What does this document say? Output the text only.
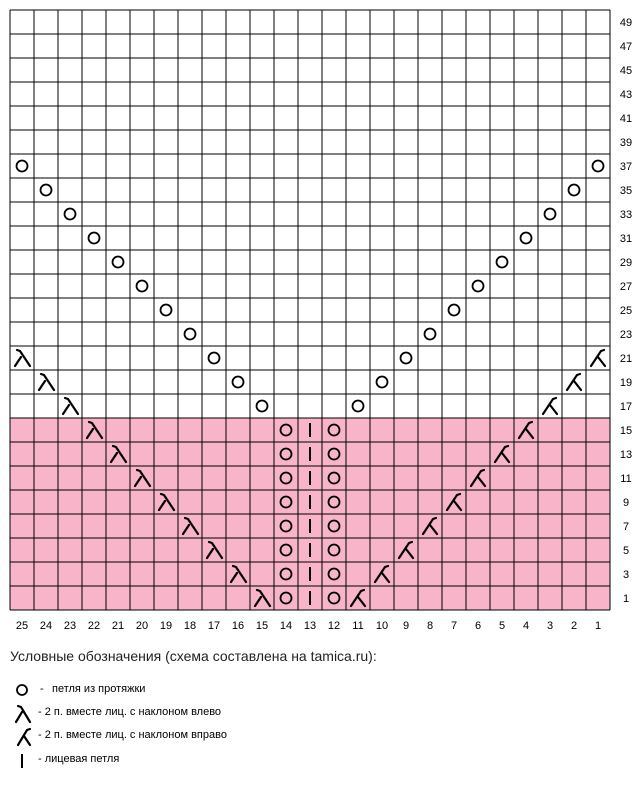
49
47
45
43
41
39
37
35
33
31
29
27
25
23
21
19
17
15
13
11
9
7
5
3
1
25 24 23 22 21 20 19 18 17 16 15 14 13 12 11 10 9 8 7 6 5 4 3 2 1
Условные обозначения (схема составлена на tamica.ru):
- петля из протяжки
- 2 п. вместе лиц. с наклоном влево
- 2 п. вместе лиц. с наклоном вправо
- лицевая петля
